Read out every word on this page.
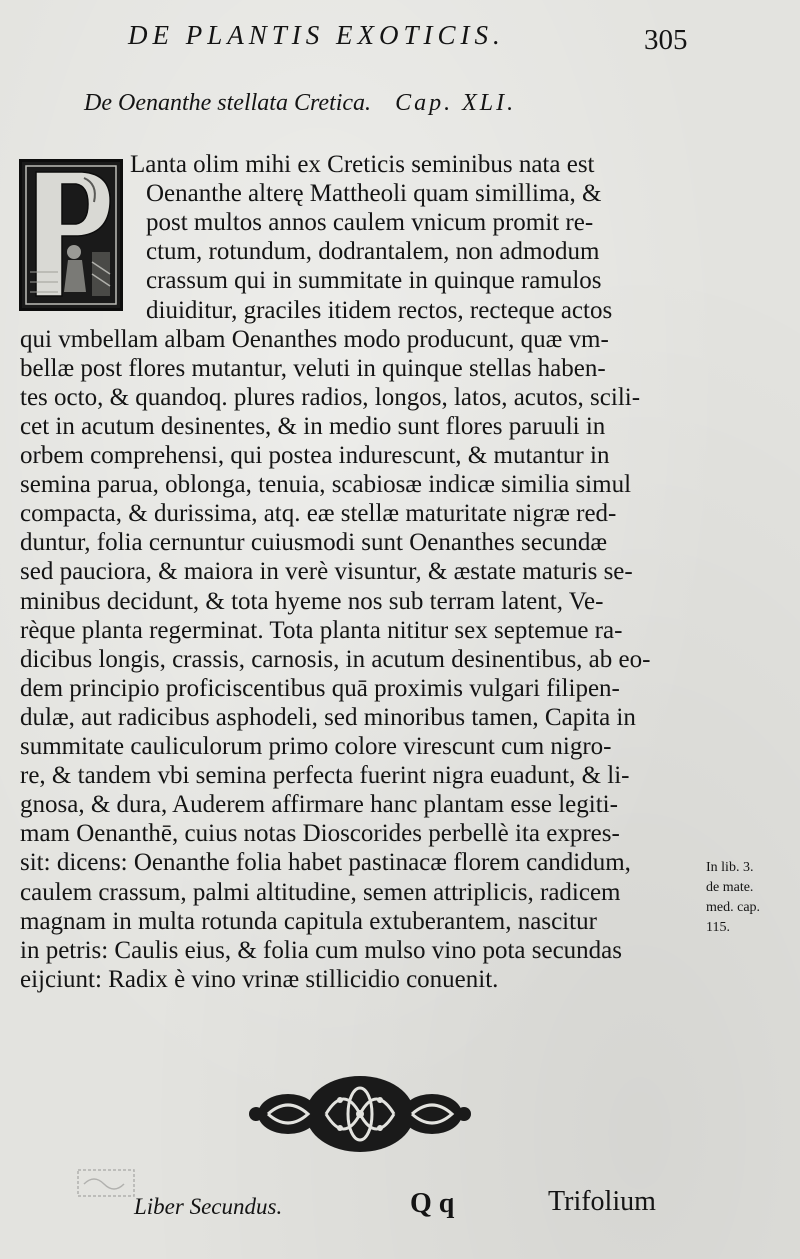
DE PLANTIS EXOTICIS.	305
De Oenanthe stellata Cretica. Cap. XLI.
Lanta olim mihi ex Creticis seminibus nata est
Oenanthe alterę Mattheoli quam simillima, &
post multos annos caulem vnicum promit re-
ctum, rotundum, dodrantalem, non admodum
crassum qui in summitate in quinque ramulos
diuiditur, graciles itidem rectos, recteque actos
qui vmbellam albam Oenanthes modo producunt, quæ vm-
bellæ post flores mutantur, veluti in quinque stellas haben-
tes octo, & quandoq. plures radios, longos, latos, acutos, scili-
cet in acutum desinentes, & in medio sunt flores paruuli in
orbem comprehensi, qui postea indurescunt, & mutantur in
semina parua, oblonga, tenuia, scabiosæ indicæ similia simul
compacta, & durissima, atq. eæ stellæ maturitate nigræ red-
duntur, folia cernuntur cuiusmodi sunt Oenanthes secundæ
sed pauciora, & maiora in verè visuntur, & æstate maturis se-
minibus decidunt, & tota hyeme nos sub terram latent, Ve-
rèque planta regerminat. Tota planta nititur sex septemue ra-
dicibus longis, crassis, carnosis, in acutum desinentibus, ab eo-
dem principio proficiscentibus quā proximis vulgari filipen-
dulæ, aut radicibus asphodeli, sed minoribus tamen, Capita in
summitate cauliculorum primo colore virescunt cum nigro-
re, & tandem vbi semina perfecta fuerint nigra euadunt, & li-
gnosa, & dura, Auderem affirmare hanc plantam esse legiti-
mam Oenanthē, cuius notas Dioscorides perbellè ita expres-
sit: dicens: Oenanthe folia habet pastinacæ florem candidum,
caulem crassum, palmi altitudine, semen attriplicis, radicem
magnam in multa rotunda capitula extuberantem, nascitur
in petris: Caulis eius, & folia cum mulso vino pota secundas
eijciunt: Radix è vino vrinæ stillicidio conuenit.
In lib. 3.
de mate.
med. cap.
115.
Liber Secundus.	Q q	Trifolium
